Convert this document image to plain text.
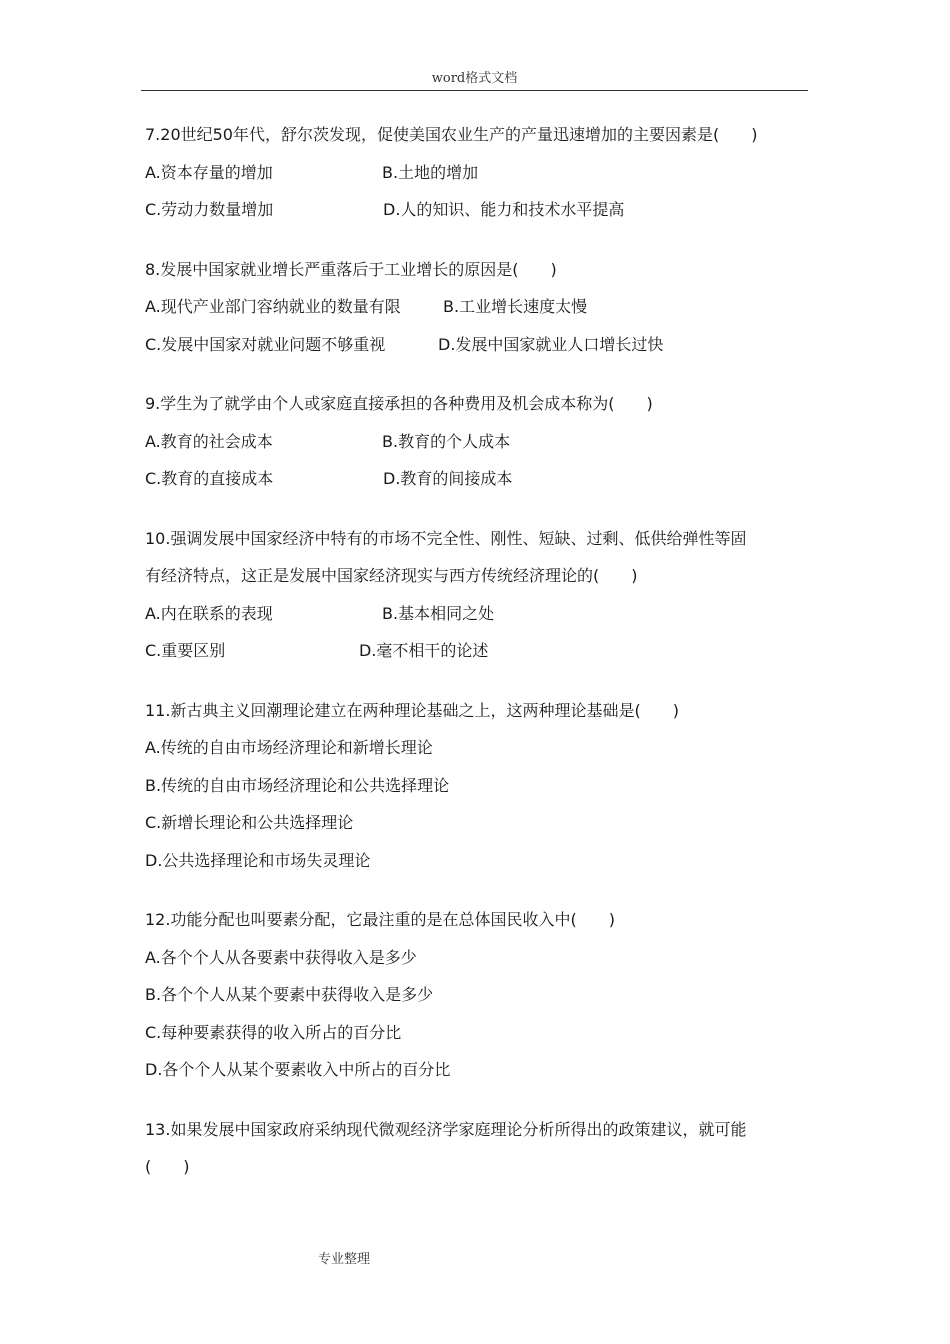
word格式文档
7.20世纪50年代，舒尔茨发现，促使美国农业生产的产量迅速增加的主要因素是(　　)
A.资本存量的增加	B.土地的增加
C.劳动力数量增加	D.人的知识、能力和技术水平提高
8.发展中国家就业增长严重落后于工业增长的原因是(　　)
A.现代产业部门容纳就业的数量有限	B.工业增长速度太慢
C.发展中国家对就业问题不够重视	D.发展中国家就业人口增长过快
9.学生为了就学由个人或家庭直接承担的各种费用及机会成本称为(　　)
A.教育的社会成本	B.教育的个人成本
C.教育的直接成本	D.教育的间接成本
10.强调发展中国家经济中特有的市场不完全性、刚性、短缺、过剩、低供给弹性等固
有经济特点，这正是发展中国家经济现实与西方传统经济理论的(　　)
A.内在联系的表现	B.基本相同之处
C.重要区别	D.毫不相干的论述
11.新古典主义回潮理论建立在两种理论基础之上，这两种理论基础是(　　)
A.传统的自由市场经济理论和新增长理论
B.传统的自由市场经济理论和公共选择理论
C.新增长理论和公共选择理论
D.公共选择理论和市场失灵理论
12.功能分配也叫要素分配，它最注重的是在总体国民收入中(　　)
A.各个个人从各要素中获得收入是多少
B.各个个人从某个要素中获得收入是多少
C.每种要素获得的收入所占的百分比
D.各个个人从某个要素收入中所占的百分比
13.如果发展中国家政府采纳现代微观经济学家庭理论分析所得出的政策建议，就可能
(　　)
专业整理
